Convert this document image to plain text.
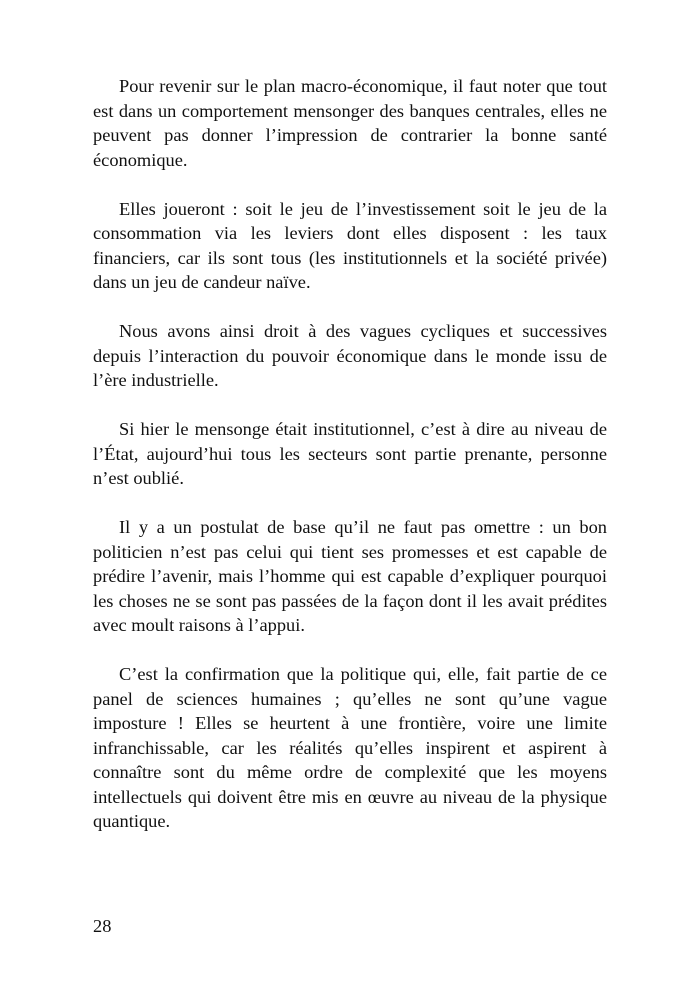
Pour revenir sur le plan macro-économique, il faut noter que tout est dans un comportement mensonger des banques centrales, elles ne peuvent pas donner l’impression de contrarier la bonne santé économique.

Elles joueront : soit le jeu de l’investissement soit le jeu de la consommation via les leviers dont elles disposent : les taux financiers, car ils sont tous (les institutionnels et la société privée) dans un jeu de candeur naïve.

Nous avons ainsi droit à des vagues cycliques et successives depuis l’interaction du pouvoir économique dans le monde issu de l’ère industrielle.

Si hier le mensonge était institutionnel, c’est à dire au niveau de l’État, aujourd’hui tous les secteurs sont partie prenante, personne n’est oublié.

Il y a un postulat de base qu’il ne faut pas omettre : un bon politicien n’est pas celui qui tient ses promesses et est capable de prédire l’avenir, mais l’homme qui est capable d’expliquer pourquoi les choses ne se sont pas passées de la façon dont il les avait prédites avec moult raisons à l’appui.

C’est la confirmation que la politique qui, elle, fait partie de ce panel de sciences humaines ; qu’elles ne sont qu’une vague imposture ! Elles se heurtent à une frontière, voire une limite infranchissable, car les réalités qu’elles inspirent et aspirent à connaître sont du même ordre de complexité que les moyens intellectuels qui doivent être mis en œuvre au niveau de la physique quantique.

28
